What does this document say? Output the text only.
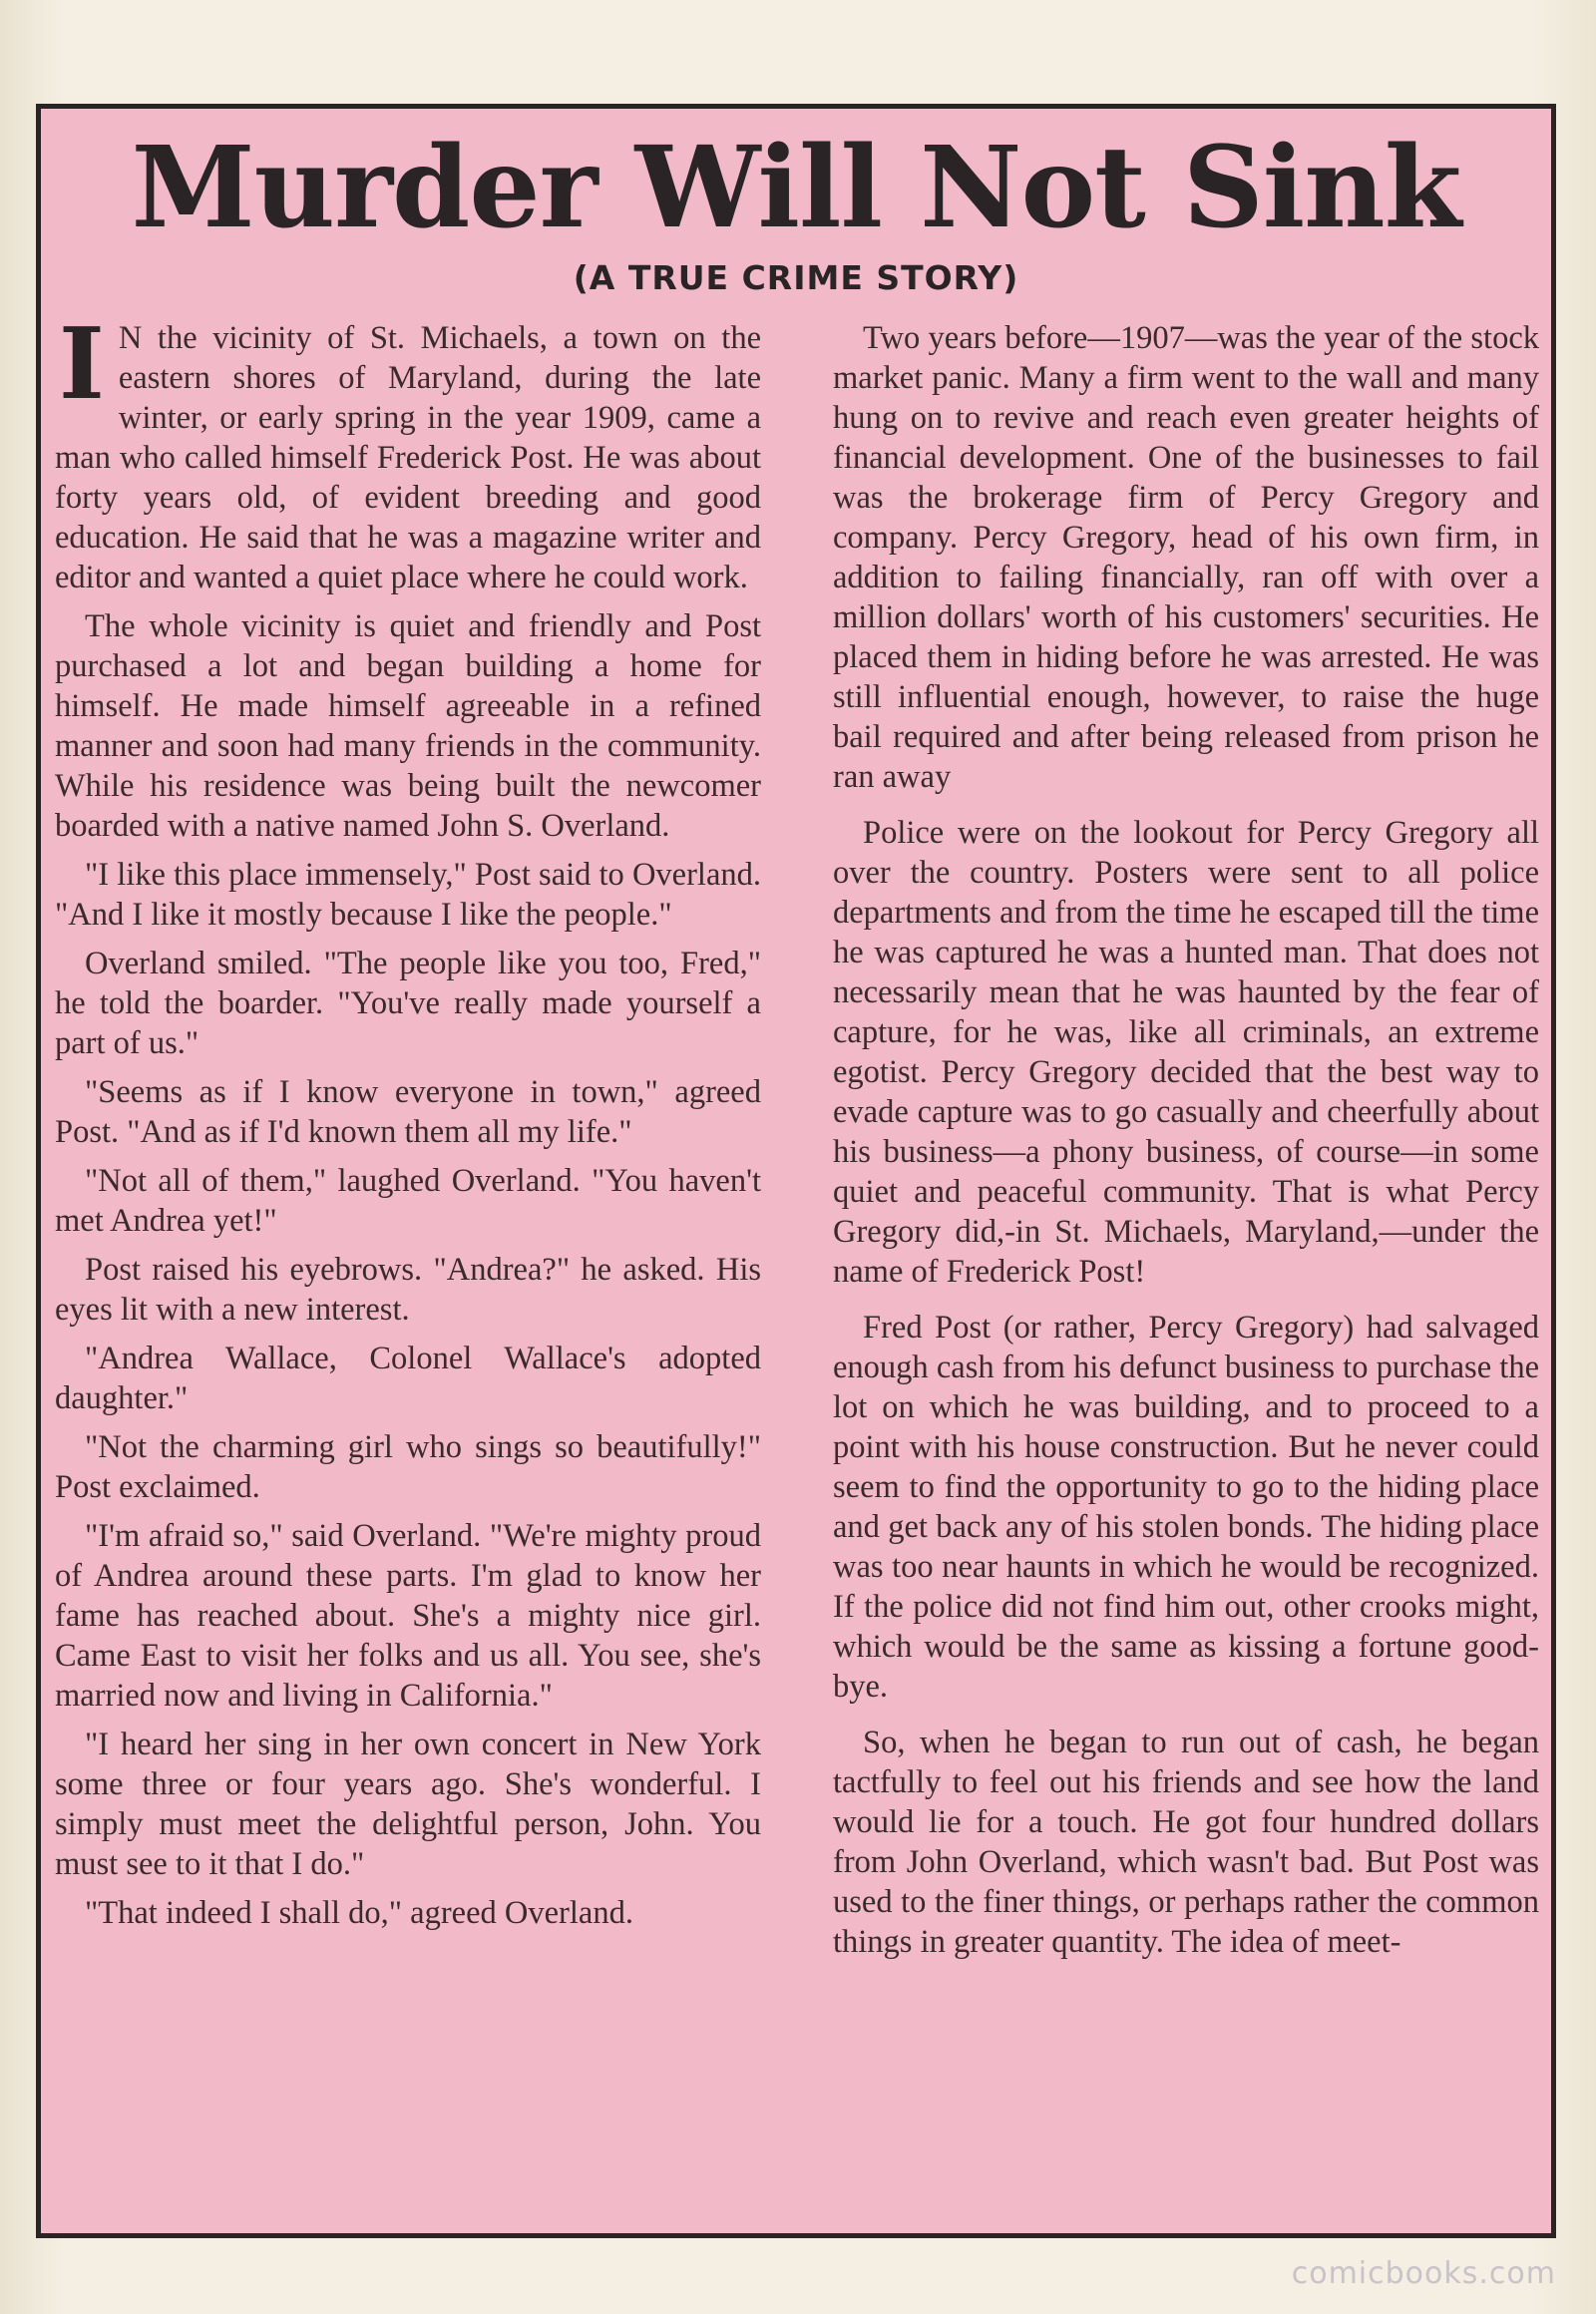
Murder Will Not Sink
(A TRUE CRIME STORY)

I N the vicinity of St. Michaels, a town on the eastern shores of Maryland, during the late winter, or early spring in the year 1909, came a man who called himself Frederick Post. He was about forty years old, of evident breeding and good education. He said that he was a magazine writer and editor and wanted a quiet place where he could work.

The whole vicinity is quiet and friendly and Post purchased a lot and began building a home for himself. He made himself agreeable in a refined manner and soon had many friends in the community. While his residence was being built the newcomer boarded with a native named John S. Overland.

"I like this place immensely," Post said to Overland. "And I like it mostly because I like the people."

Overland smiled. "The people like you too, Fred," he told the boarder. "You've really made yourself a part of us."

"Seems as if I know everyone in town," agreed Post. "And as if I'd known them all my life."

"Not all of them," laughed Overland. "You haven't met Andrea yet!"

Post raised his eyebrows. "Andrea?" he asked. His eyes lit with a new interest.

"Andrea Wallace, Colonel Wallace's adopted daughter."

"Not the charming girl who sings so beautifully!" Post exclaimed.

"I'm afraid so," said Overland. "We're mighty proud of Andrea around these parts. I'm glad to know her fame has reached about. She's a mighty nice girl. Came East to visit her folks and us all. You see, she's married now and living in California."

"I heard her sing in her own concert in New York some three or four years ago. She's wonderful. I simply must meet the delightful person, John. You must see to it that I do."

"That indeed I shall do," agreed Overland.

Two years before—1907—was the year of the stock market panic. Many a firm went to the wall and many hung on to revive and reach even greater heights of financial development. One of the businesses to fail was the brokerage firm of Percy Gregory and company. Percy Gregory, head of his own firm, in addition to failing financially, ran off with over a million dollars' worth of his customers' securities. He placed them in hiding before he was arrested. He was still influential enough, however, to raise the huge bail required and after being released from prison he ran away

Police were on the lookout for Percy Gregory all over the country. Posters were sent to all police departments and from the time he escaped till the time he was captured he was a hunted man. That does not necessarily mean that he was haunted by the fear of capture, for he was, like all criminals, an extreme egotist. Percy Gregory decided that the best way to evade capture was to go casually and cheerfully about his business—a phony business, of course—in some quiet and peaceful community. That is what Percy Gregory did,-in St. Michaels, Maryland,—under the name of Frederick Post!

Fred Post (or rather, Percy Gregory) had salvaged enough cash from his defunct business to purchase the lot on which he was building, and to proceed to a point with his house construction. But he never could seem to find the opportunity to go to the hiding place and get back any of his stolen bonds. The hiding place was too near haunts in which he would be recognized. If the police did not find him out, other crooks might, which would be the same as kissing a fortune good-bye.

So, when he began to run out of cash, he began tactfully to feel out his friends and see how the land would lie for a touch. He got four hundred dollars from John Overland, which wasn't bad. But Post was used to the finer things, or perhaps rather the common things in greater quantity. The idea of meet-

comicbooks.com
